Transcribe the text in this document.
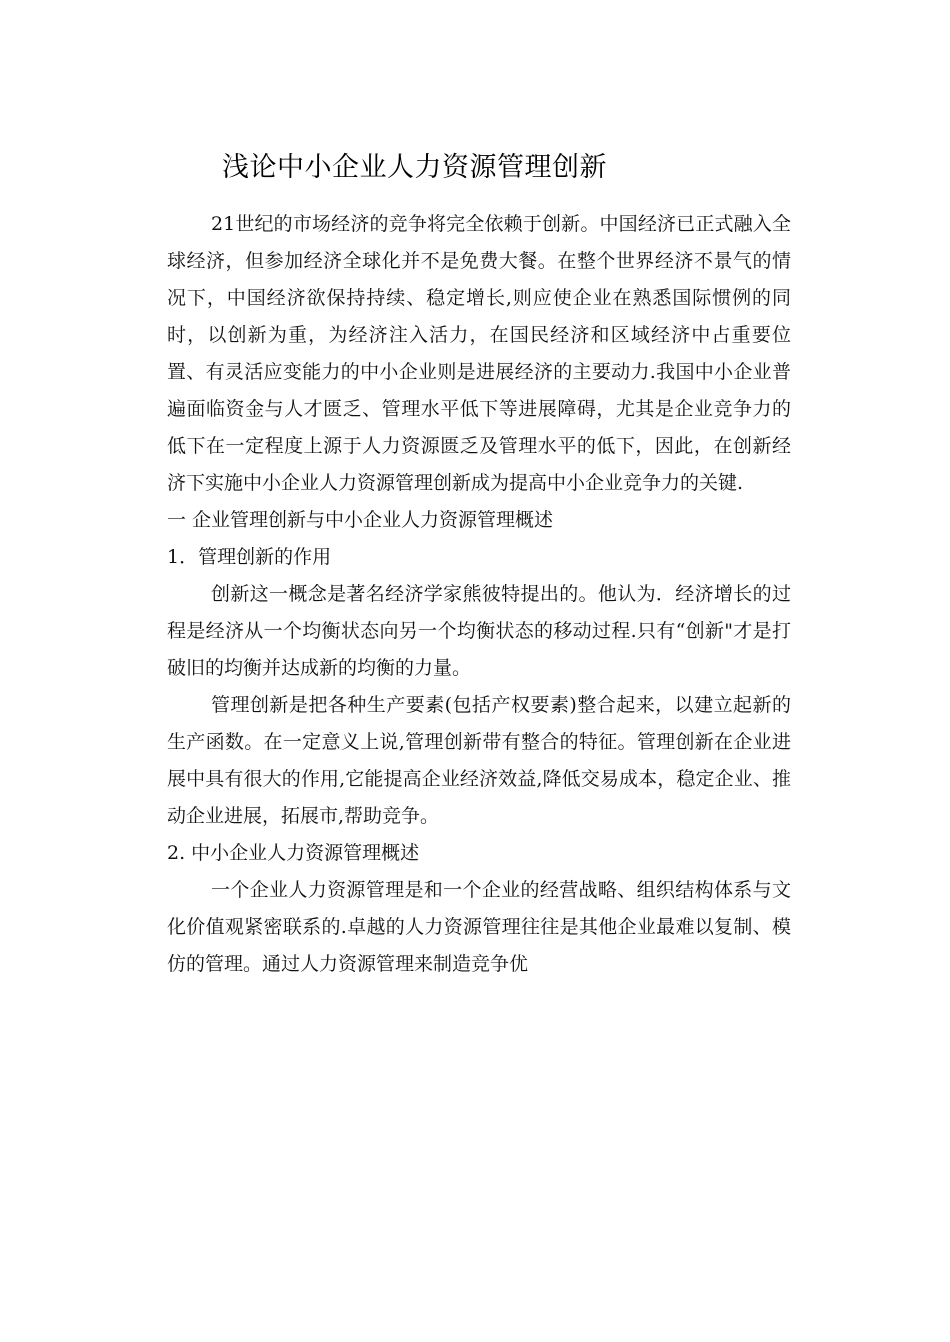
浅论中小企业人力资源管理创新

21世纪的市场经济的竞争将完全依赖于创新。中国经济已正式融入全球经济，但参加经济全球化并不是免费大餐。在整个世界经济不景气的情况下，中国经济欲保持持续、稳定增长,则应使企业在熟悉国际惯例的同时，以创新为重，为经济注入活力，在国民经济和区域经济中占重要位置、有灵活应变能力的中小企业则是进展经济的主要动力.我国中小企业普遍面临资金与人才匮乏、管理水平低下等进展障碍，尤其是企业竞争力的低下在一定程度上源于人力资源匮乏及管理水平的低下，因此，在创新经济下实施中小企业人力资源管理创新成为提高中小企业竞争力的关键.

一 企业管理创新与中小企业人力资源管理概述

1．管理创新的作用

创新这一概念是著名经济学家熊彼特提出的。他认为．经济增长的过程是经济从一个均衡状态向另一个均衡状态的移动过程.只有“创新"才是打破旧的均衡并达成新的均衡的力量。

管理创新是把各种生产要素(包括产权要素)整合起来，以建立起新的生产函数。在一定意义上说,管理创新带有整合的特征。管理创新在企业进展中具有很大的作用,它能提高企业经济效益,降低交易成本，稳定企业、推动企业进展，拓展市,帮助竞争。

2. 中小企业人力资源管理概述

一个企业人力资源管理是和一个企业的经营战略、组织结构体系与文化价值观紧密联系的.卓越的人力资源管理往往是其他企业最难以复制、模仿的管理。通过人力资源管理来制造竞争优
